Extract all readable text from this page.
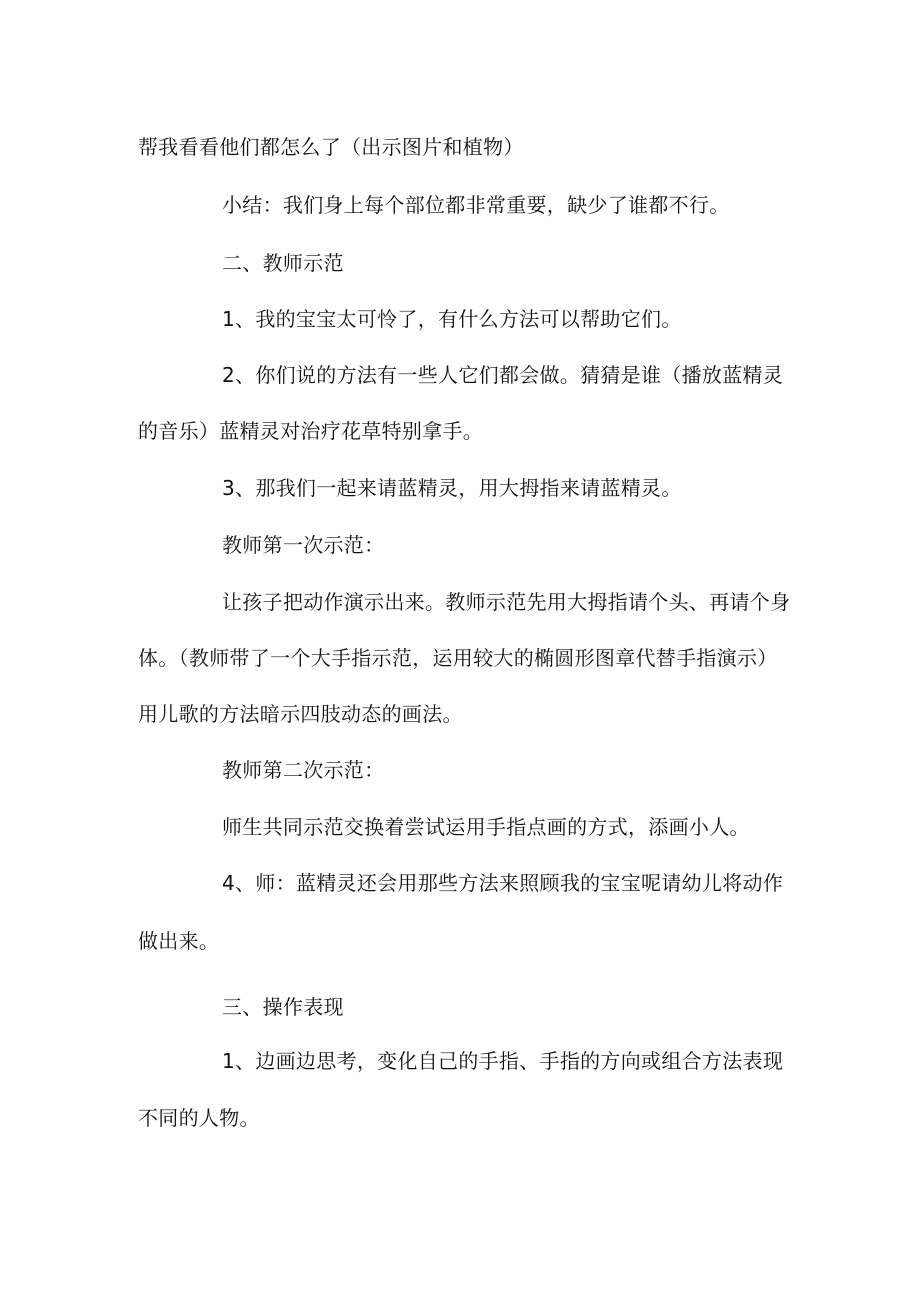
帮我看看他们都怎么了（出示图片和植物）
小结：我们身上每个部位都非常重要，缺少了谁都不行。
二、教师示范
1、我的宝宝太可怜了，有什么方法可以帮助它们。
2、你们说的方法有一些人它们都会做。猜猜是谁（播放蓝精灵
的音乐）蓝精灵对治疗花草特别拿手。
3、那我们一起来请蓝精灵，用大拇指来请蓝精灵。
教师第一次示范：
让孩子把动作演示出来。教师示范先用大拇指请个头、再请个身
体。（教师带了一个大手指示范，运用较大的椭圆形图章代替手指演示）
用儿歌的方法暗示四肢动态的画法。
教师第二次示范：
师生共同示范交换着尝试运用手指点画的方式，添画小人。
4、师：蓝精灵还会用那些方法来照顾我的宝宝呢请幼儿将动作
做出来。
三、操作表现
1、边画边思考，变化自己的手指、手指的方向或组合方法表现
不同的人物。
